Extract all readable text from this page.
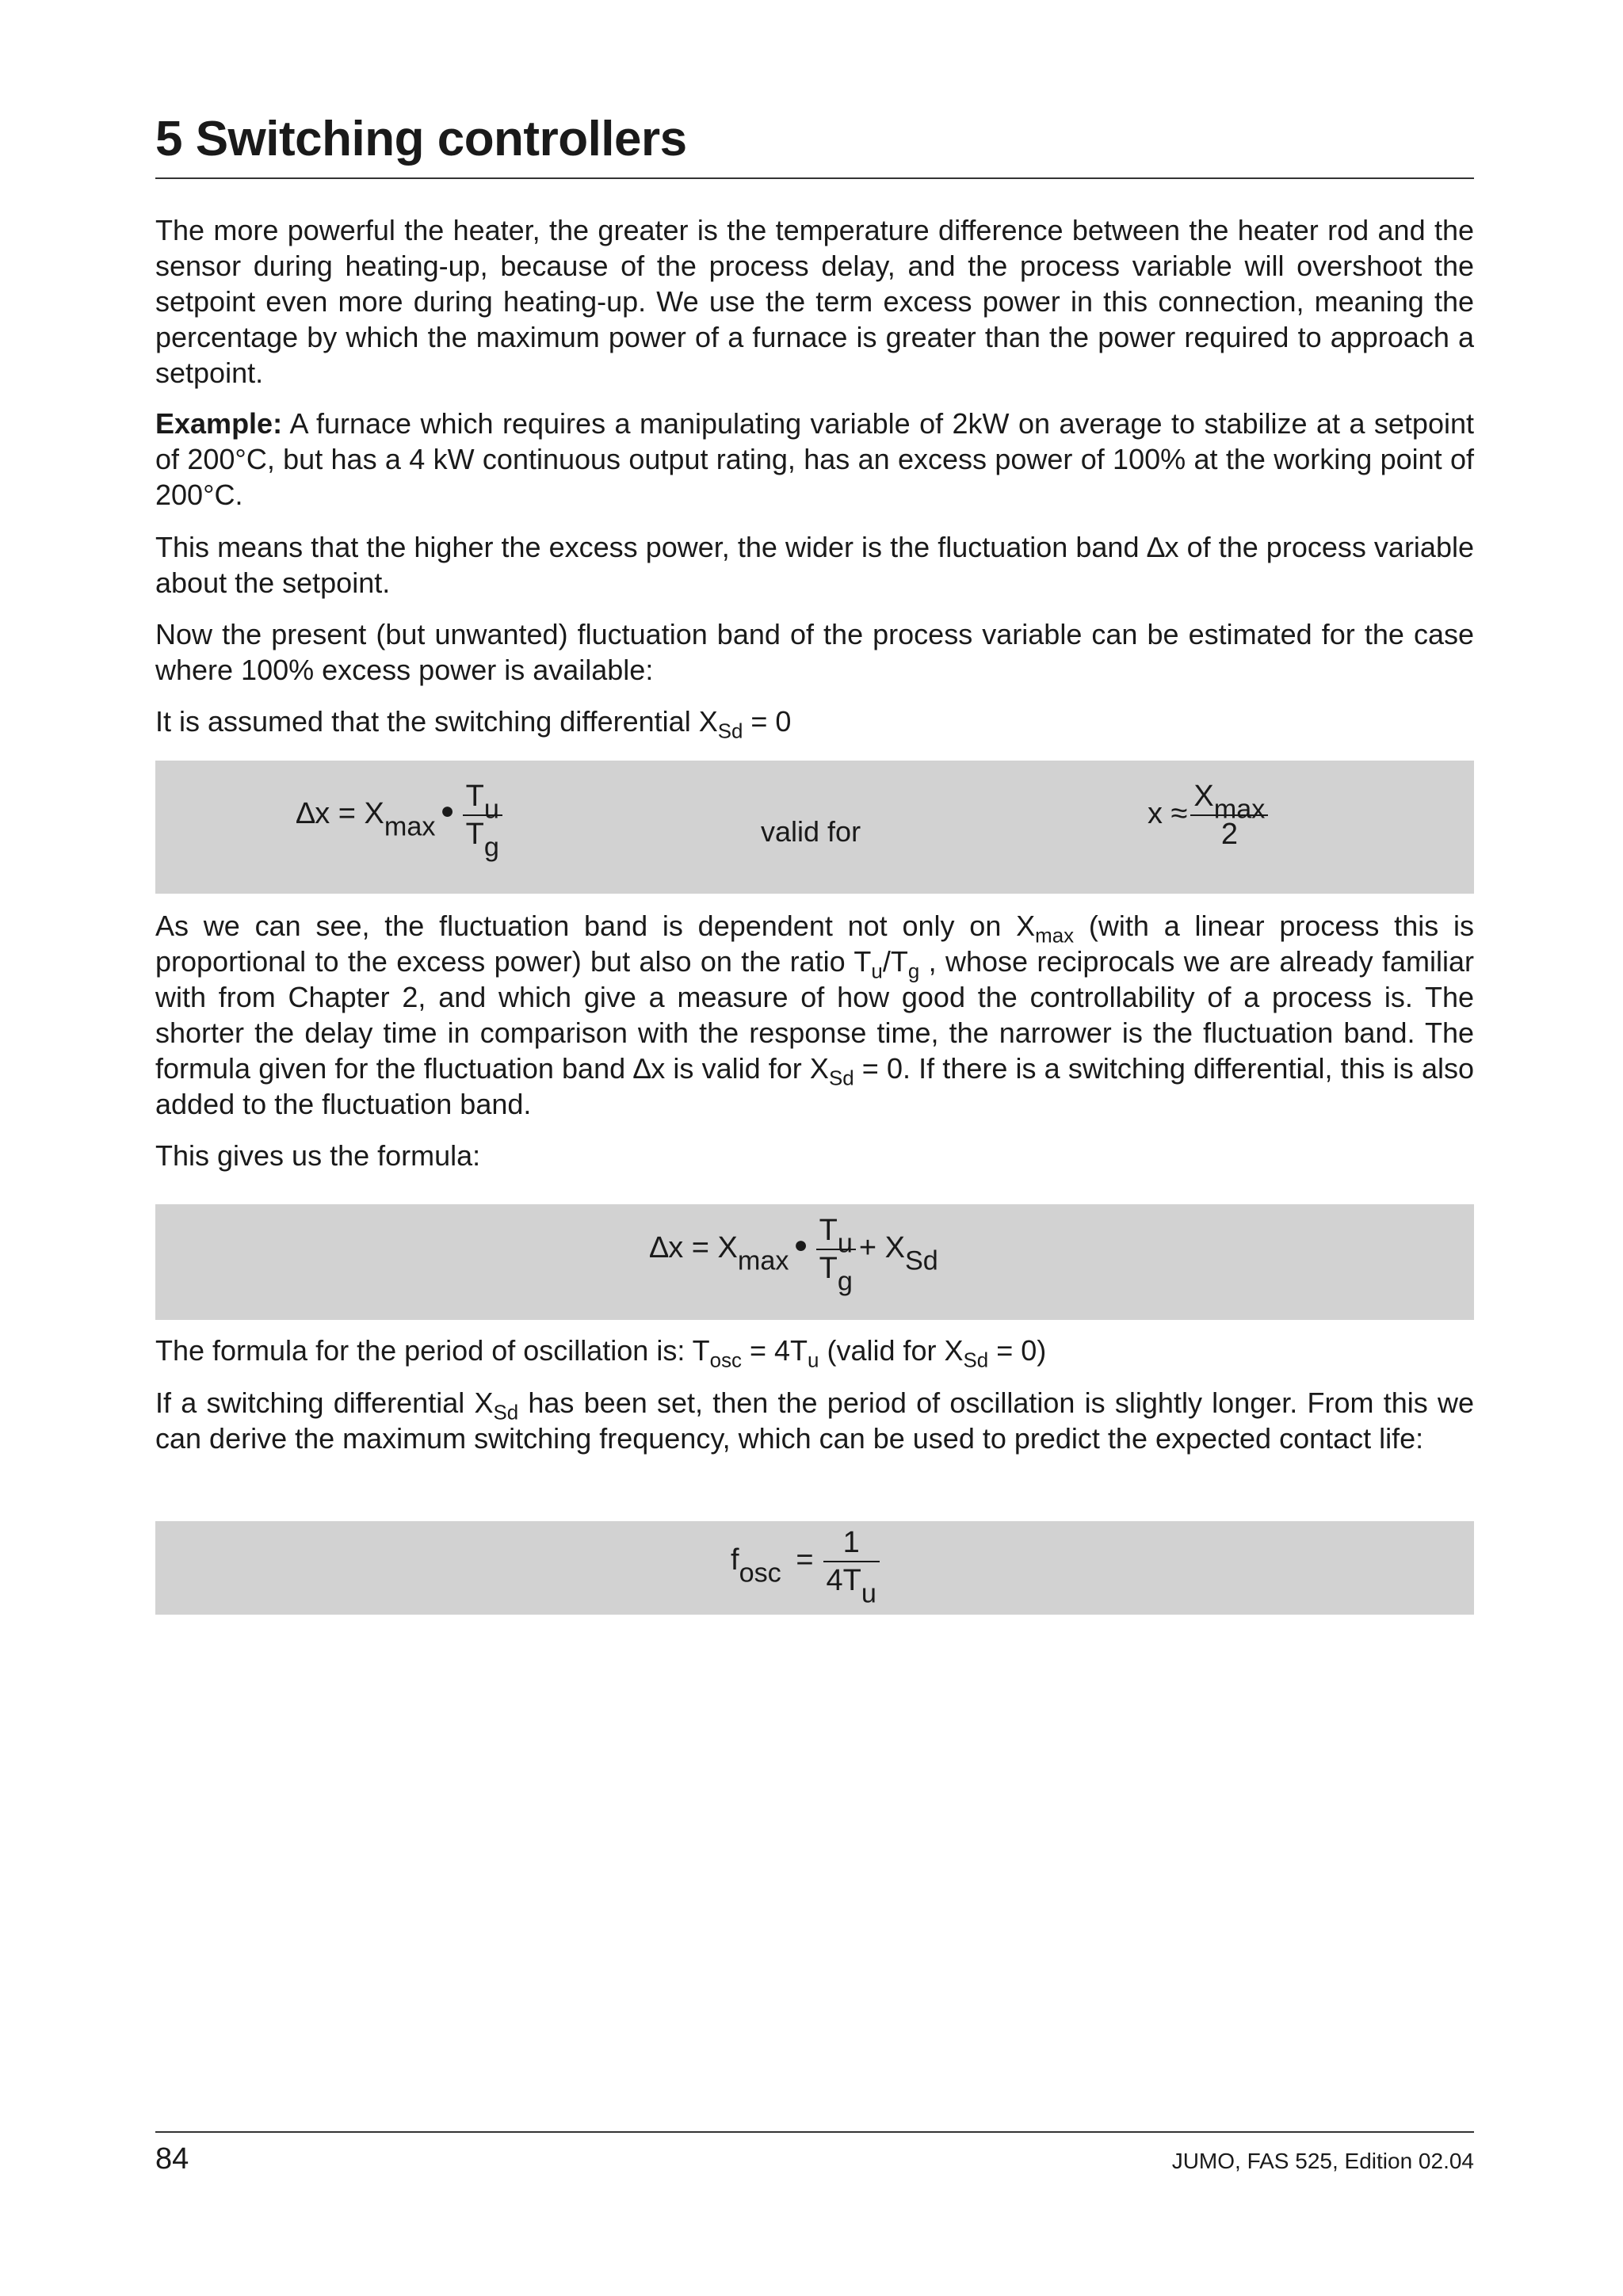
5 Switching controllers

The more powerful the heater, the greater is the temperature difference between the heater rod and the sensor during heating-up, because of the process delay, and the process variable will overshoot the setpoint even more during heating-up. We use the term excess power in this connection, meaning the percentage by which the maximum power of a furnace is greater than the power required to approach a setpoint.

Example: A furnace which requires a manipulating variable of 2kW on average to stabilize at a setpoint of 200°C, but has a 4 kW continuous output rating, has an excess power of 100% at the working point of 200°C.

This means that the higher the excess power, the wider is the fluctuation band ∆x of the process variable about the setpoint.

Now the present (but unwanted) fluctuation band of the process variable can be estimated for the case where 100% excess power is available:

It is assumed that the switching differential $X_{Sd} = 0$

∆x = Xmax● $\frac{Tu}{Tg}$	valid for
$x \approx \frac{Xmax}{2}$

As we can see, the fluctuation band is dependent not only on $X_{max}$ (with a linear process this is proportional to the excess power) but also on the ratio $T_u/T_g$ , whose reciprocals we are already familiar with from Chapter 2, and which give a measure of how good the controllability of a process is. The shorter the delay time in comparison with the response time, the narrower is the fluctuation band. The formula given for the fluctuation band ∆x is valid for $X_{Sd} = 0$. If there is a switching differential, this is also added to the fluctuation band.

This gives us the formula:

∆x = Xmax● $\frac{Tu}{Tg}$ + XSd

The formula for the period of oscillation is: $T_{osc} = 4T_u$ (valid for $X_{Sd} = 0$)

If a switching differential $X_{Sd}$ has been set, then the period of oscillation is slightly longer. From this we can derive the maximum switching frequency, which can be used to predict the expected contact life:

fosc = $\frac{1}{4Tu}$
84	JUMO, FAS 525, Edition 02.04
